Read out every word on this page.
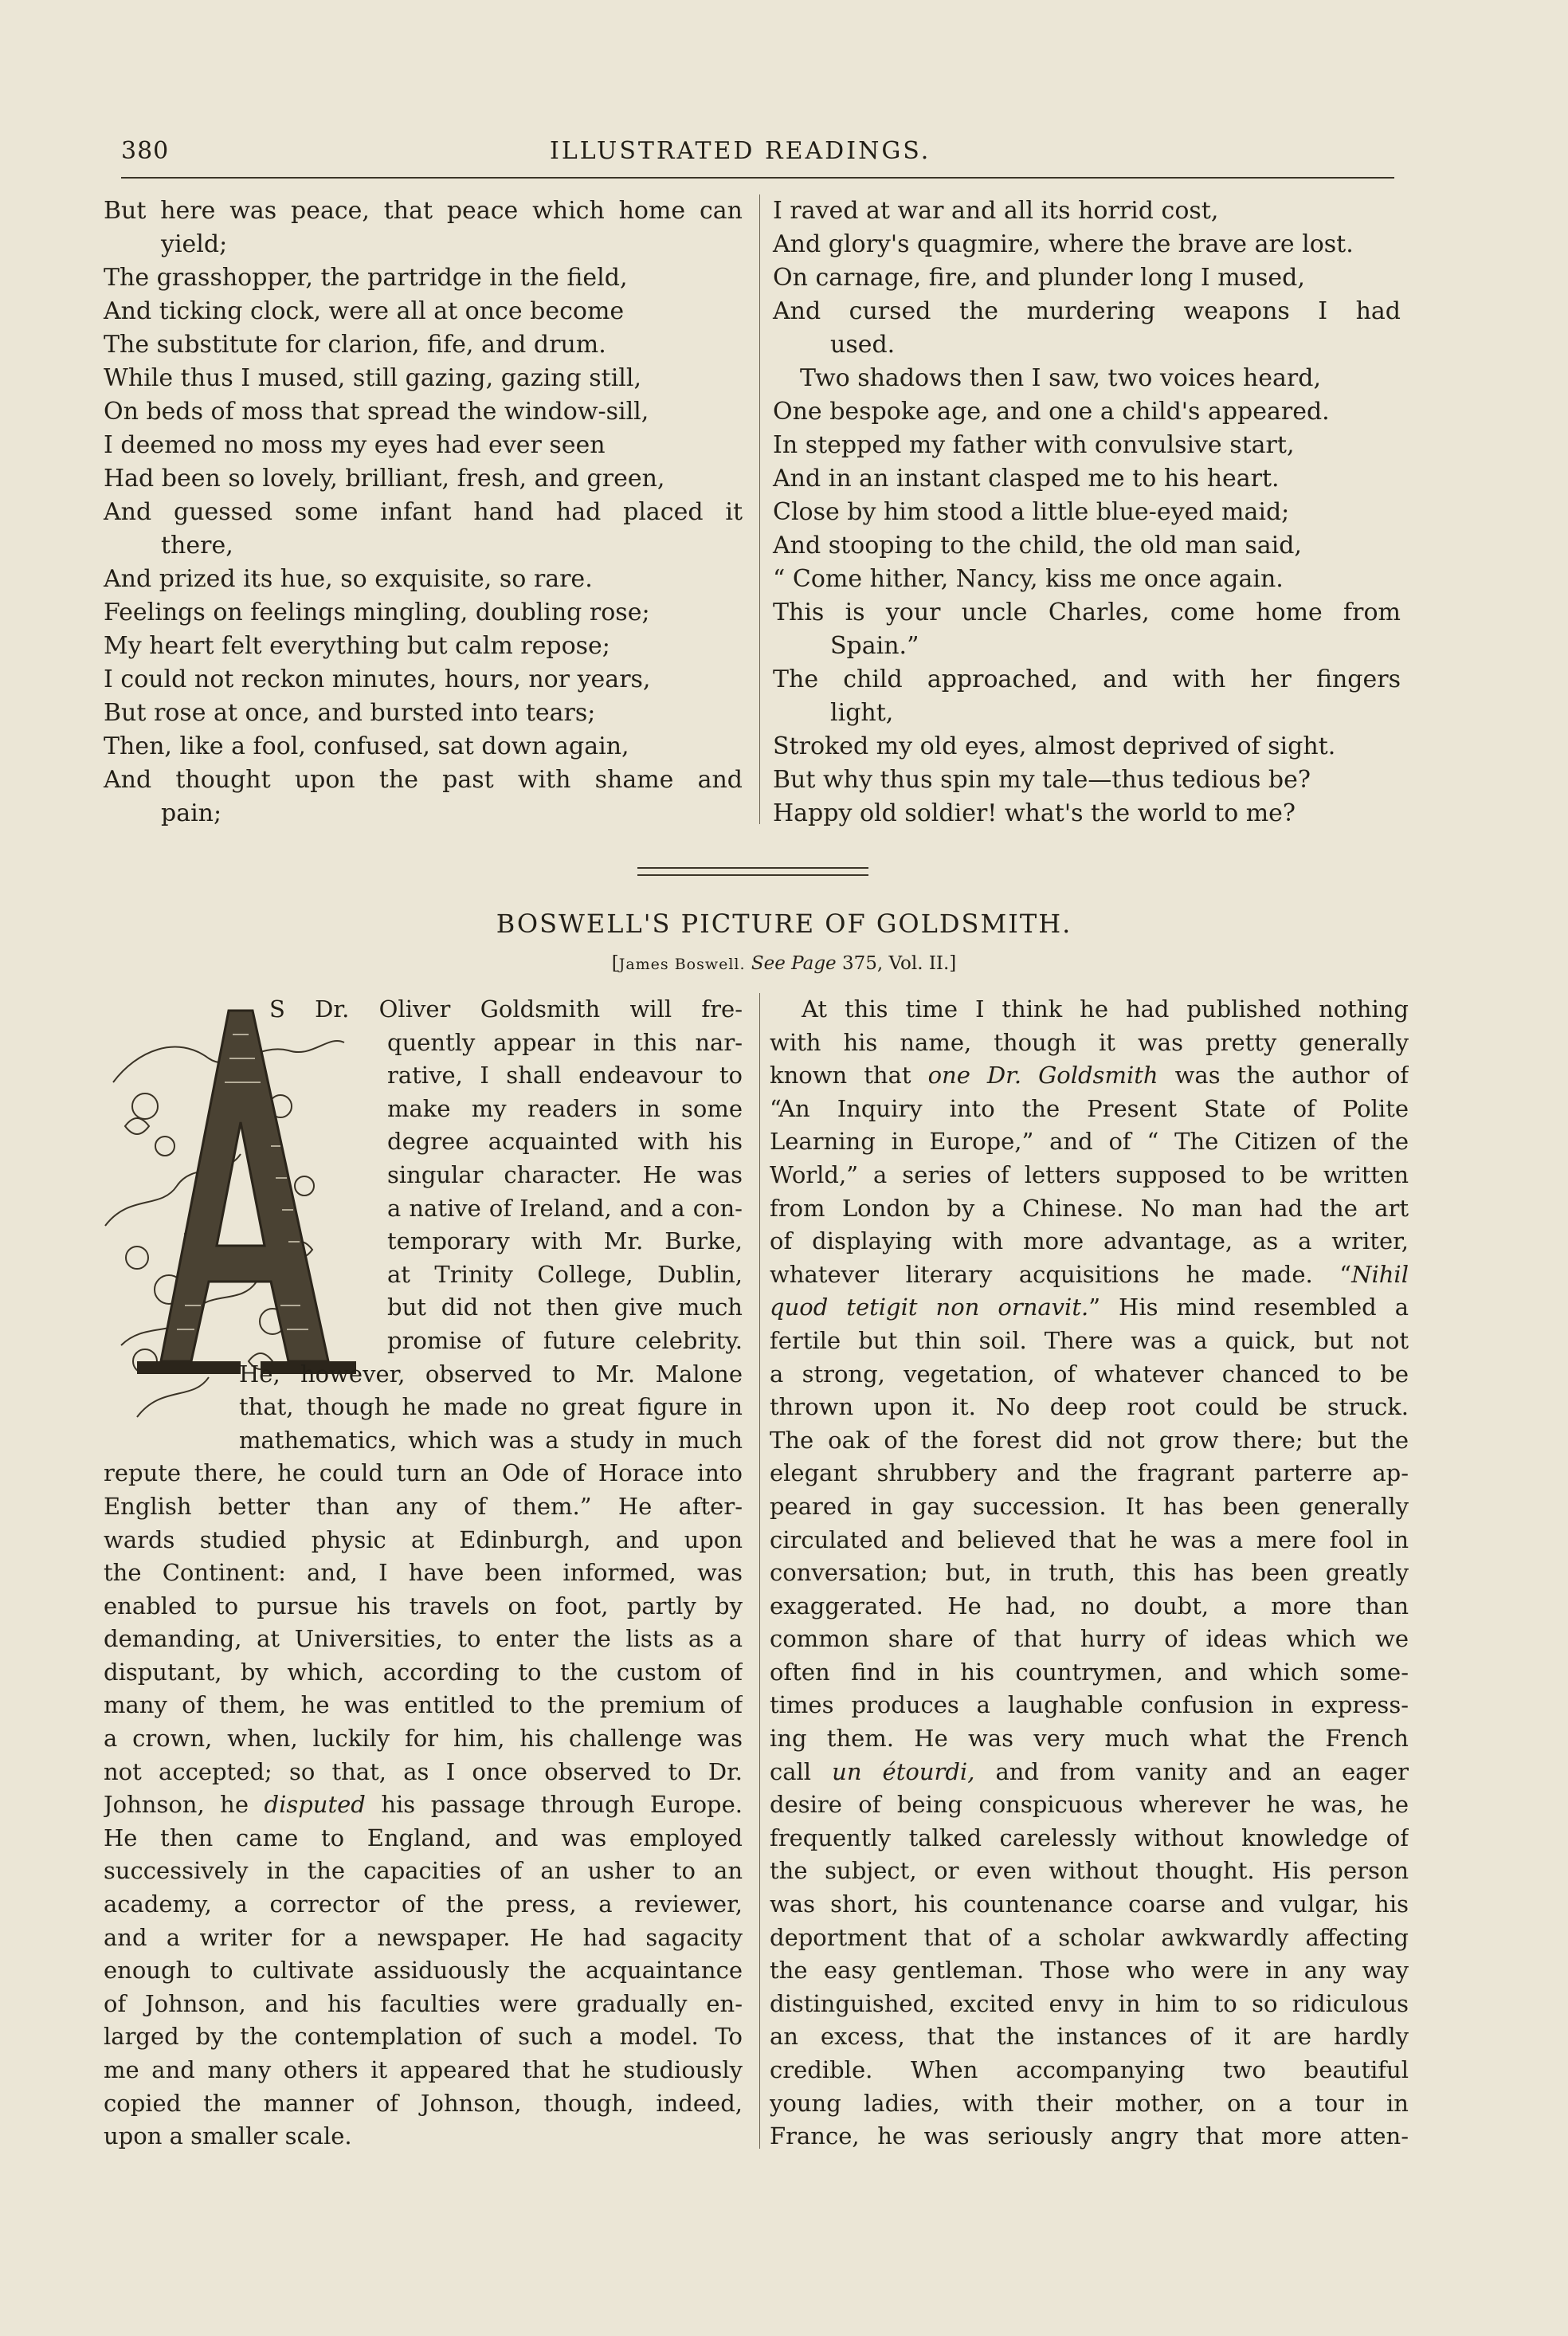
380	ILLUSTRATED READINGS.
But here was peace, that peace which home can
yield;
The grasshopper, the partridge in the field,
And ticking clock, were all at once become
The substitute for clarion, fife, and drum.
While thus I mused, still gazing, gazing still,
On beds of moss that spread the window-sill,
I deemed no moss my eyes had ever seen
Had been so lovely, brilliant, fresh, and green,
And guessed some infant hand had placed it
there,
And prized its hue, so exquisite, so rare.
Feelings on feelings mingling, doubling rose;
My heart felt everything but calm repose;
I could not reckon minutes, hours, nor years,
But rose at once, and bursted into tears;
Then, like a fool, confused, sat down again,
And thought upon the past with shame and
pain;
I raved at war and all its horrid cost,
And glory's quagmire, where the brave are lost.
On carnage, fire, and plunder long I mused,
And cursed the murdering weapons I had
used.
Two shadows then I saw, two voices heard,
One bespoke age, and one a child's appeared.
In stepped my father with convulsive start,
And in an instant clasped me to his heart.
Close by him stood a little blue-eyed maid;
And stooping to the child, the old man said,
“ Come hither, Nancy, kiss me once again.
This is your uncle Charles, come home from
Spain.”
The child approached, and with her fingers
light,
Stroked my old eyes, almost deprived of sight.
But why thus spin my tale—thus tedious be?
Happy old soldier! what's the world to me?
BOSWELL'S PICTURE OF GOLDSMITH.
[James Boswell. See Page 375, Vol. II.]
S Dr. Oliver Goldsmith will fre-
quently appear in this nar-
rative, I shall endeavour to
make my readers in some
degree acquainted with his
singular character. He was
a native of Ireland, and a con-
temporary with Mr. Burke,
at Trinity College, Dublin,
but did not then give much
promise of future celebrity.
He, however, observed to Mr. Malone
that, though he made no great figure in
mathematics, which was a study in much
repute there, he could turn an Ode of Horace into
English better than any of them.” He after-
wards studied physic at Edinburgh, and upon
the Continent: and, I have been informed, was
enabled to pursue his travels on foot, partly by
demanding, at Universities, to enter the lists as a
disputant, by which, according to the custom of
many of them, he was entitled to the premium of
a crown, when, luckily for him, his challenge was
not accepted; so that, as I once observed to Dr.
Johnson, he disputed his passage through Europe.
He then came to England, and was employed
successively in the capacities of an usher to an
academy, a corrector of the press, a reviewer,
and a writer for a newspaper. He had sagacity
enough to cultivate assiduously the acquaintance
of Johnson, and his faculties were gradually en-
larged by the contemplation of such a model. To
me and many others it appeared that he studiously
copied the manner of Johnson, though, indeed,
upon a smaller scale.
At this time I think he had published nothing
with his name, though it was pretty generally
known that one Dr. Goldsmith was the author of
“An Inquiry into the Present State of Polite
Learning in Europe,” and of “ The Citizen of the
World,” a series of letters supposed to be written
from London by a Chinese. No man had the art
of displaying with more advantage, as a writer,
whatever literary acquisitions he made. “Nihil
quod tetigit non ornavit.” His mind resembled a
fertile but thin soil. There was a quick, but not
a strong, vegetation, of whatever chanced to be
thrown upon it. No deep root could be struck.
The oak of the forest did not grow there; but the
elegant shrubbery and the fragrant parterre ap-
peared in gay succession. It has been generally
circulated and believed that he was a mere fool in
conversation; but, in truth, this has been greatly
exaggerated. He had, no doubt, a more than
common share of that hurry of ideas which we
often find in his countrymen, and which some-
times produces a laughable confusion in express-
ing them. He was very much what the French
call un étourdi, and from vanity and an eager
desire of being conspicuous wherever he was, he
frequently talked carelessly without knowledge of
the subject, or even without thought. His person
was short, his countenance coarse and vulgar, his
deportment that of a scholar awkwardly affecting
the easy gentleman. Those who were in any way
distinguished, excited envy in him to so ridiculous
an excess, that the instances of it are hardly
credible. When accompanying two beautiful
young ladies, with their mother, on a tour in
France, he was seriously angry that more atten-
